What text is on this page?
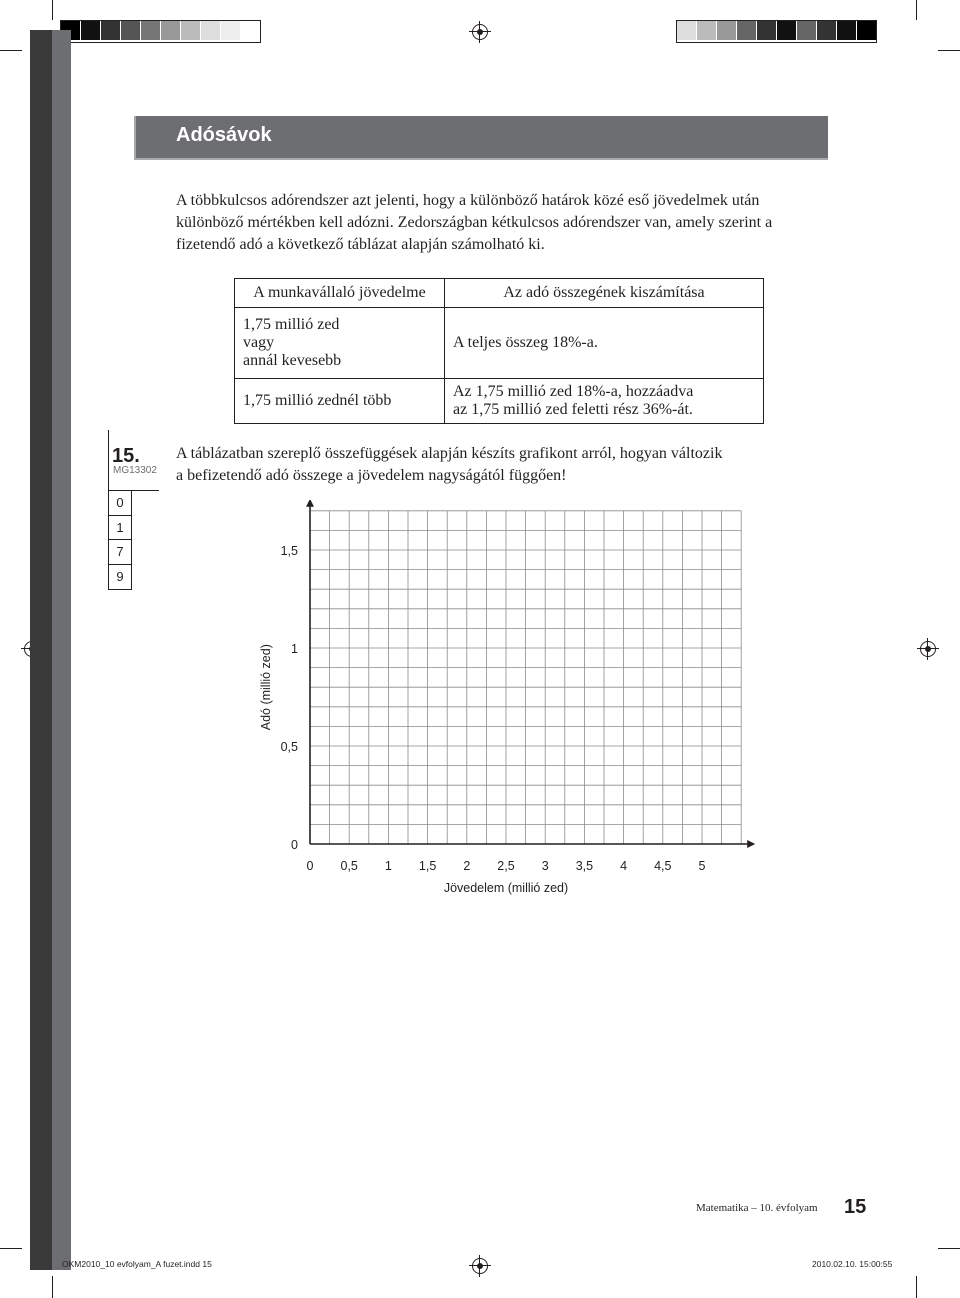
Adósávok

A többkulcsos adórendszer azt jelenti, hogy a különböző határok közé eső jövedelmek után

különböző mértékben kell adózni. Zedországban kétkulcsos adórendszer van, amely szerint a

fizetendő adó a következő táblázat alapján számolható ki.

A munkavállaló jövedelme	Az adó összegének kiszámítása

1,75 millió zed
vagy
annál kevesebb	A teljes összeg 18%-a.

1,75 millió zednél több	Az 1,75 millió zed 18%-a, hozzáadva
az 1,75 millió zed feletti rész 36%-át.
15.
MG13302
0
1
7
9

A táblázatban szereplő összefüggések alapján készíts grafikont arról, hogyan változik

a befizetendő adó összege a jövedelem nagyságától függően!

0 0,5 1 1,5 2 2,5 3 3,5 4 4,5 5
0
0,5
1
1,5
Jövedelem (millió zed)
Adó (millió zed)
Matematika – 10. évfolyam 15
OKM2010_10 evfolyam_A fuzet.indd 15	2010.02.10. 15:00:55
